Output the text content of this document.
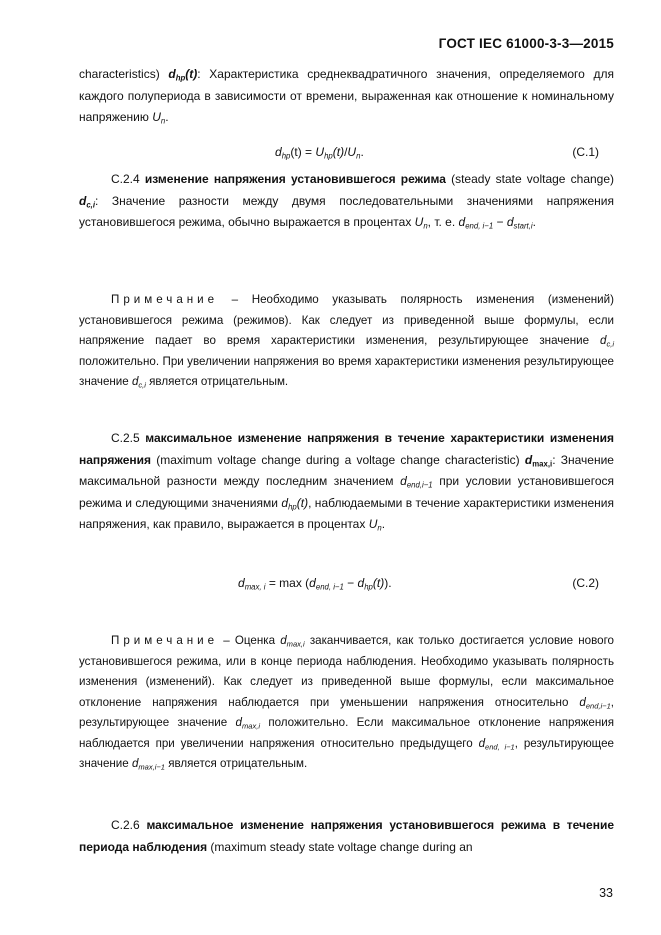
ГОСТ IEC 61000-3-3—2015
characteristics) $d_{hp}(t)$: Характеристика среднеквадратичного значения, определяемого для каждого полупериода в зависимости от времени, выраженная как отношение к номинальному напряжению $U_n$.
$d_{hp}(t) = U_{hp}(t)/U_n$.	(С.1)
С.2.4 изменение напряжения установившегося режима (steady state voltage change) $d_{c,i}$: Значение разности между двумя последовательными значениями напряжения установившегося режима, обычно выражается в процентах $U_n$, т. е. $d_{end, i-1} - d_{start,i}$.
Примечание – Необходимо указывать полярность изменения (изменений) установившегося режима (режимов). Как следует из приведенной выше формулы, если напряжение падает во время характеристики изменения, результирующее значение $d_{c,i}$ положительно. При увеличении напряжения во время характеристики изменения результирующее значение $d_{c,i}$ является отрицательным.
С.2.5 максимальное изменение напряжения в течение характеристики изменения напряжения (maximum voltage change during a voltage change characteristic) $d_{max,i}$: Значение максимальной разности между последним значением $d_{end,i-1}$ при условии установившегося режима и следующими значениями $d_{hp}(t)$, наблюдаемыми в течение характеристики изменения напряжения, как правило, выражается в процентах $U_n$.
$d_{max, i} = \max (d_{end, i-1} - d_{hp}(t))$.	(С.2)
Примечание – Оценка $d_{max,i}$ заканчивается, как только достигается условие нового установившегося режима, или в конце периода наблюдения. Необходимо указывать полярность изменения (изменений). Как следует из приведенной выше формулы, если максимальное отклонение напряжения наблюдается при уменьшении напряжения относительно $d_{end,i-1}$, результирующее значение $d_{max,i}$ положительно. Если максимальное отклонение напряжения наблюдается при увеличении напряжения относительно предыдущего $d_{end, i-1}$, результирующее значение $d_{max,i-1}$ является отрицательным.
С.2.6 максимальное изменение напряжения установившегося режима в течение периода наблюдения (maximum steady state voltage change during an
33
